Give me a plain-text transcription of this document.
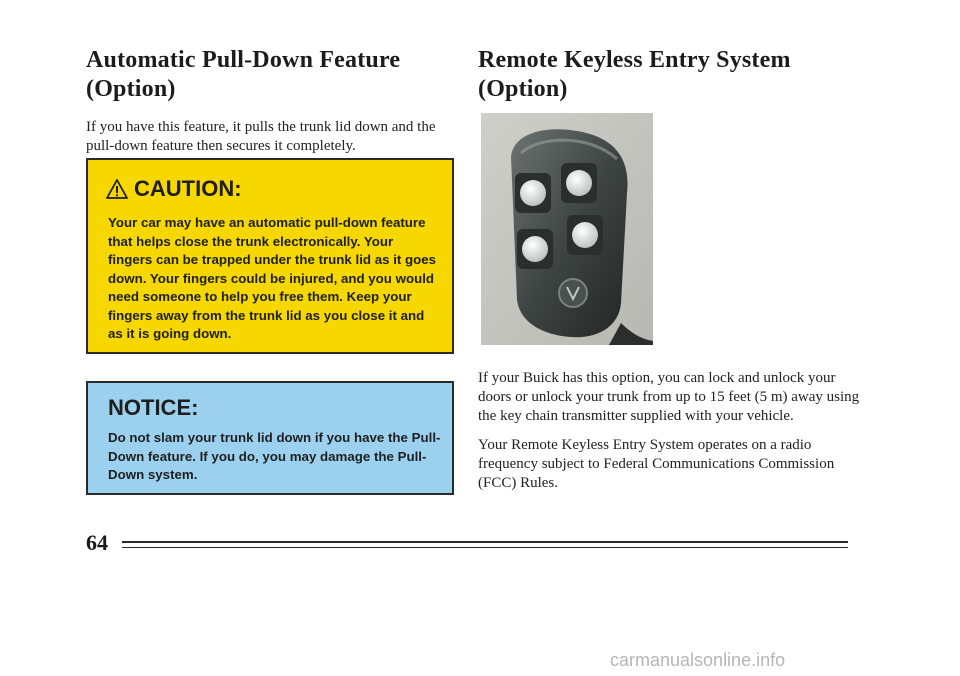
Automatic Pull-Down Feature (Option)

If you have this feature, it pulls the trunk lid down and the pull-down feature then secures it completely.

CAUTION:

Your car may have an automatic pull-down feature that helps close the trunk electronically. Your fingers can be trapped under the trunk lid as it goes down. Your fingers could be injured, and you would need someone to help you free them. Keep your fingers away from the trunk lid as you close it and as it is going down.

NOTICE:

Do not slam your trunk lid down if you have the Pull-Down feature. If you do, you may damage the Pull- Down system.

Remote Keyless Entry System (Option)

If your Buick has this option, you can lock and unlock your doors or unlock your trunk from up to 15 feet (5 m) away using the key chain transmitter supplied with your vehicle.

Your Remote Keyless Entry System operates on a radio frequency subject to Federal Communications Commission (FCC) Rules.

64
carmanualsonline.info
